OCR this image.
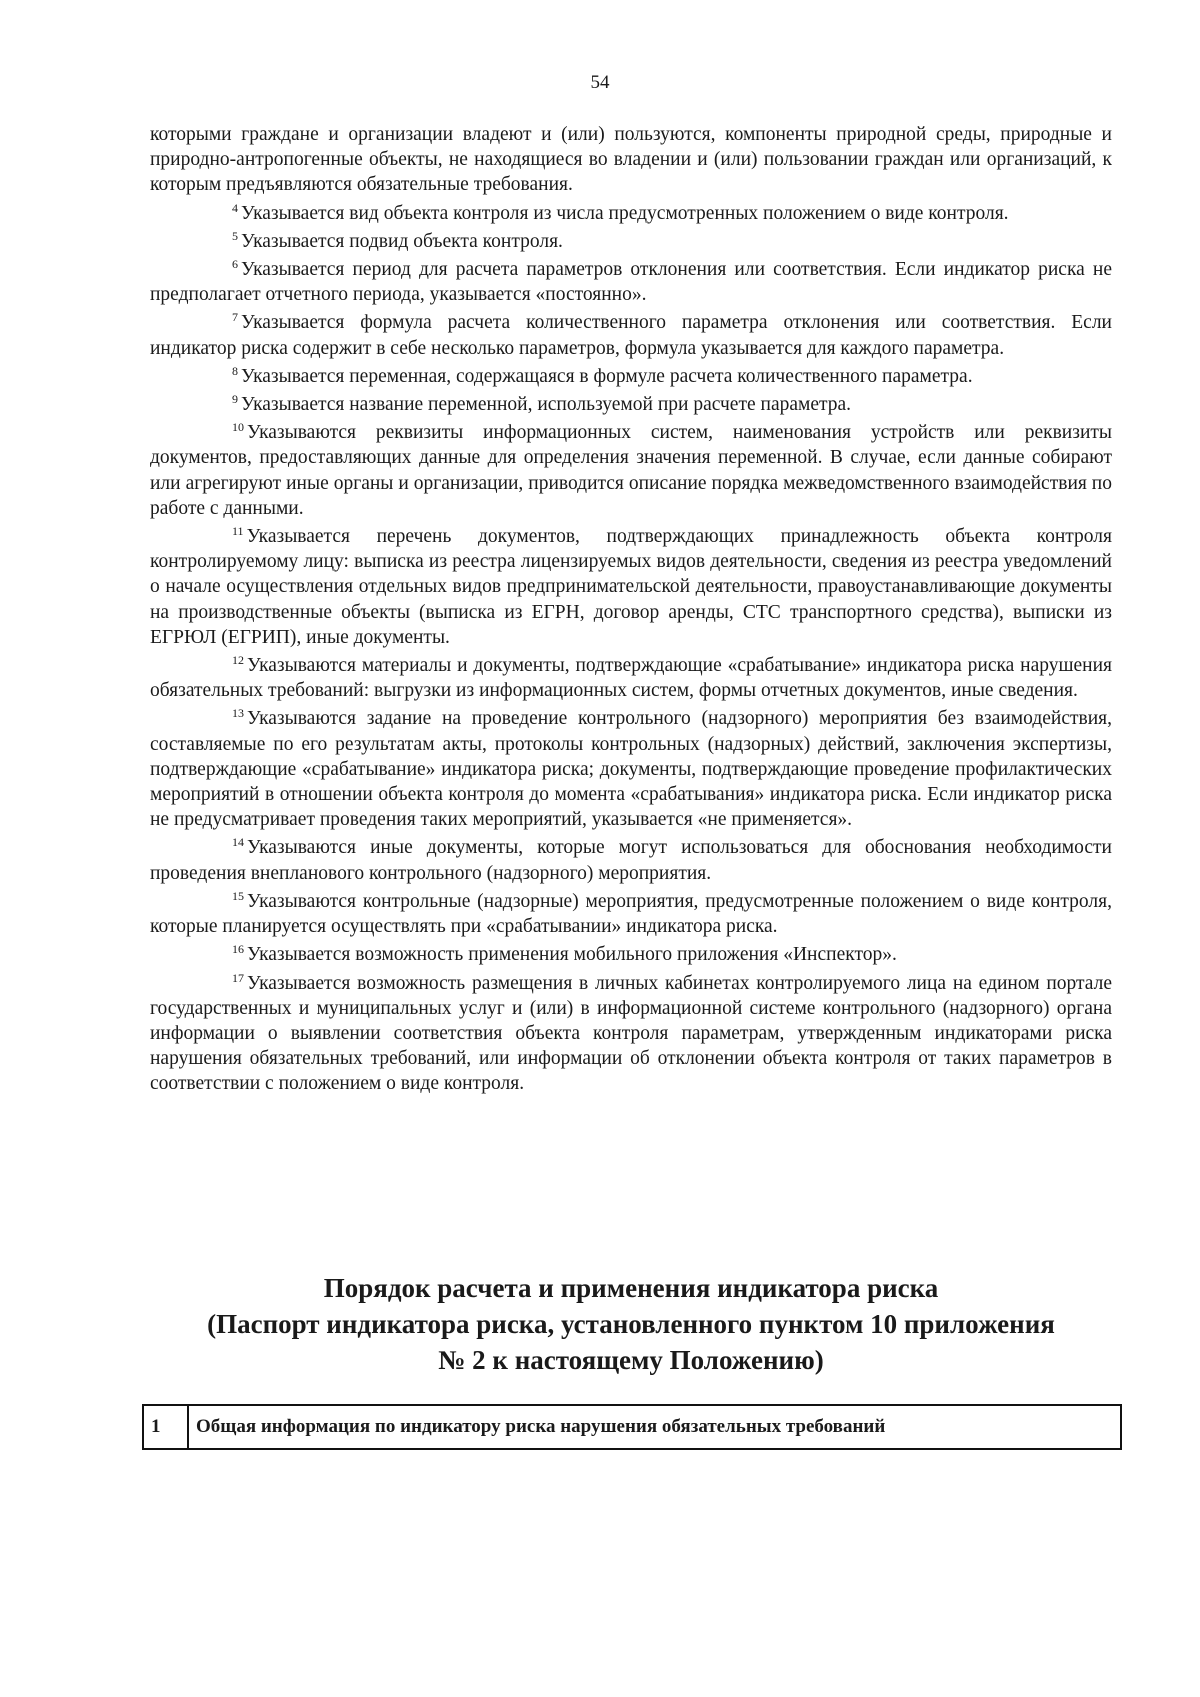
54

которыми граждане и организации владеют и (или) пользуются, компоненты природной среды, природные и природно-антропогенные объекты, не находящиеся во владении и (или) пользовании граждан или организаций, к которым предъявляются обязательные требования.

$^4$ Указывается вид объекта контроля из числа предусмотренных положением о виде контроля.

$^5$ Указывается подвид объекта контроля.

$^6$ Указывается период для расчета параметров отклонения или соответствия. Если индикатор риска не предполагает отчетного периода, указывается «постоянно».

$^7$ Указывается формула расчета количественного параметра отклонения или соответствия. Если индикатор риска содержит в себе несколько параметров, формула указывается для каждого параметра.

$^8$ Указывается переменная, содержащаяся в формуле расчета количественного параметра.

$^9$ Указывается название переменной, используемой при расчете параметра.

$^{10}$ Указываются реквизиты информационных систем, наименования устройств или реквизиты документов, предоставляющих данные для определения значения переменной. В случае, если данные собирают или агрегируют иные органы и организации, приводится описание порядка межведомственного взаимодействия по работе с данными.

$^{11}$ Указывается перечень документов, подтверждающих принадлежность объекта контроля контролируемому лицу: выписка из реестра лицензируемых видов деятельности, сведения из реестра уведомлений о начале осуществления отдельных видов предпринимательской деятельности, правоустанавливающие документы на производственные объекты (выписка из ЕГРН, договор аренды, СТС транспортного средства), выписки из ЕГРЮЛ (ЕГРИП), иные документы.

$^{12}$ Указываются материалы и документы, подтверждающие «срабатывание» индикатора риска нарушения обязательных требований: выгрузки из информационных систем, формы отчетных документов, иные сведения.

$^{13}$ Указываются задание на проведение контрольного (надзорного) мероприятия без взаимодействия, составляемые по его результатам акты, протоколы контрольных (надзорных) действий, заключения экспертизы, подтверждающие «срабатывание» индикатора риска; документы, подтверждающие проведение профилактических мероприятий в отношении объекта контроля до момента «срабатывания» индикатора риска. Если индикатор риска не предусматривает проведения таких мероприятий, указывается «не применяется».

$^{14}$ Указываются иные документы, которые могут использоваться для обоснования необходимости проведения внепланового контрольного (надзорного) мероприятия.

$^{15}$ Указываются контрольные (надзорные) мероприятия, предусмотренные положением о виде контроля, которые планируется осуществлять при «срабатывании» индикатора риска.

$^{16}$ Указывается возможность применения мобильного приложения «Инспектор».

$^{17}$ Указывается возможность размещения в личных кабинетах контролируемого лица на едином портале государственных и муниципальных услуг и (или) в информационной системе контрольного (надзорного) органа информации о выявлении соответствия объекта контроля параметрам, утвержденным индикаторами риска нарушения обязательных требований, или информации об отклонении объекта контроля от таких параметров в соответствии с положением о виде контроля.

Порядок расчета и применения индикатора риска
(Паспорт индикатора риска, установленного пунктом 10 приложения
№ 2 к настоящему Положению)
1	Общая информация по индикатору риска нарушения обязательных требований
